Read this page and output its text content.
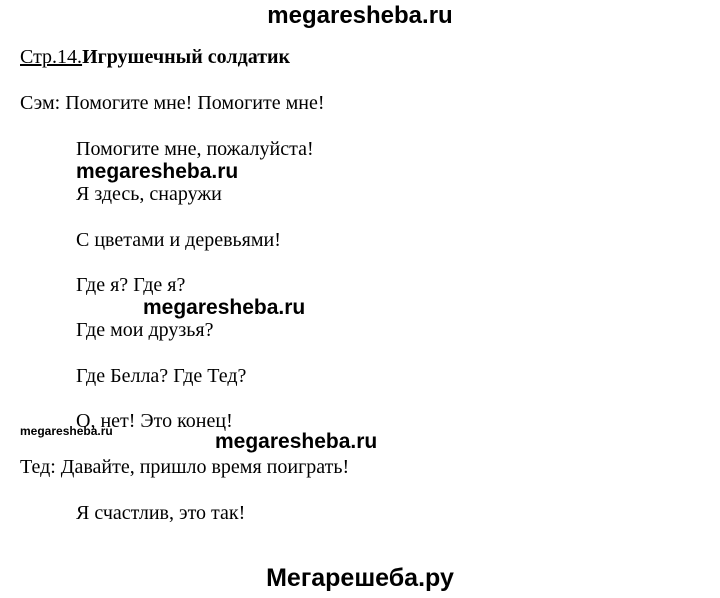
megaresheba.ru
Стр.14.Игрушечный солдатик
Сэм: Помогите мне! Помогите мне!
Помогите мне, пожалуйста!
Я здесь, снаружи
С цветами и деревьями!
Где я? Где я?
Где мои друзья?
Где Белла? Где Тед?
О, нет! Это конец!
Тед: Давайте, пришло время поиграть!
Я счастлив, это так!
megaresheba.ru
megaresheba.ru
megaresheba.ru	megaresheba.ru
Мегарешеба.ру
